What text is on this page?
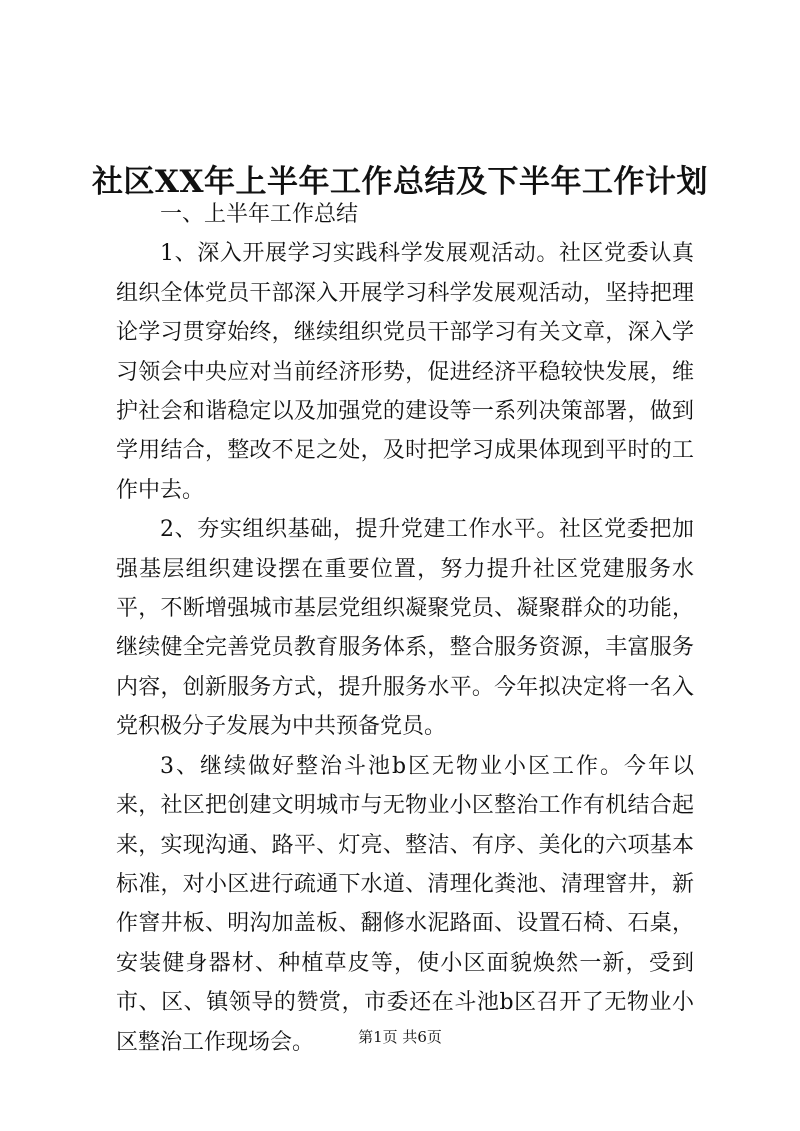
社区XX年上半年工作总结及下半年工作计划

一、上半年工作总结

1、深入开展学习实践科学发展观活动。社区党委认真组织全体党员干部深入开展学习科学发展观活动，坚持把理论学习贯穿始终，继续组织党员干部学习有关文章，深入学习领会中央应对当前经济形势，促进经济平稳较快发展，维护社会和谐稳定以及加强党的建设等一系列决策部署，做到学用结合，整改不足之处，及时把学习成果体现到平时的工作中去。

2、夯实组织基础，提升党建工作水平。社区党委把加强基层组织建设摆在重要位置，努力提升社区党建服务水平，不断增强城市基层党组织凝聚党员、凝聚群众的功能，继续健全完善党员教育服务体系，整合服务资源，丰富服务内容，创新服务方式，提升服务水平。今年拟决定将一名入党积极分子发展为中共预备党员。

3、继续做好整治斗池b区无物业小区工作。今年以来，社区把创建文明城市与无物业小区整治工作有机结合起来，实现沟通、路平、灯亮、整洁、有序、美化的六项基本标准，对小区进行疏通下水道、清理化粪池、清理窨井，新作窨井板、明沟加盖板、翻修水泥路面、设置石椅、石桌，安装健身器材、种植草皮等，使小区面貌焕然一新，受到市、区、镇领导的赞赏，市委还在斗池b区召开了无物业小区整治工作现场会。	第1页 共6页
